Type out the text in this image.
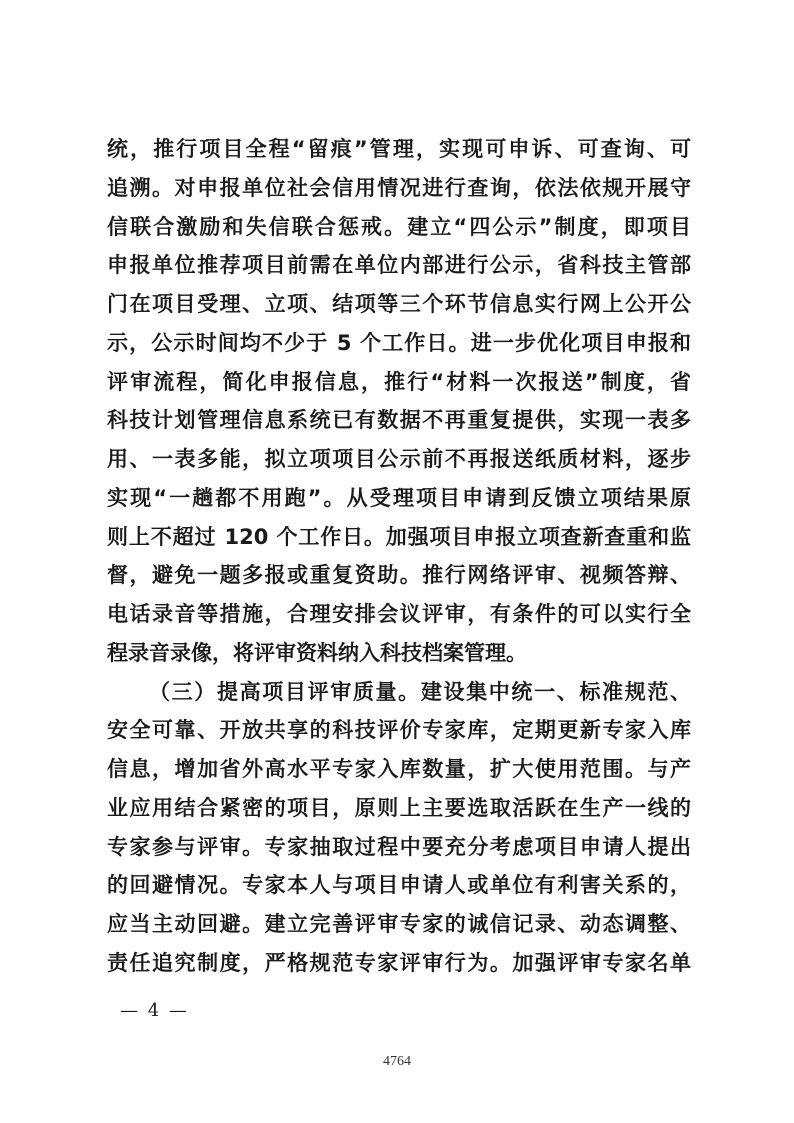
统，推行项目全程“留痕”管理，实现可申诉、可查询、可
追溯。对申报单位社会信用情况进行查询，依法依规开展守
信联合激励和失信联合惩戒。建立“四公示”制度，即项目
申报单位推荐项目前需在单位内部进行公示，省科技主管部
门在项目受理、立项、结项等三个环节信息实行网上公开公
示，公示时间均不少于 5 个工作日。进一步优化项目申报和
评审流程，简化申报信息，推行“材料一次报送”制度，省
科技计划管理信息系统已有数据不再重复提供，实现一表多
用、一表多能，拟立项项目公示前不再报送纸质材料，逐步
实现“一趟都不用跑”。从受理项目申请到反馈立项结果原
则上不超过 120 个工作日。加强项目申报立项查新查重和监
督，避免一题多报或重复资助。推行网络评审、视频答辩、
电话录音等措施，合理安排会议评审，有条件的可以实行全
程录音录像，将评审资料纳入科技档案管理。
（三）提高项目评审质量。建设集中统一、标准规范、
安全可靠、开放共享的科技评价专家库，定期更新专家入库
信息，增加省外高水平专家入库数量，扩大使用范围。与产
业应用结合紧密的项目，原则上主要选取活跃在生产一线的
专家参与评审。专家抽取过程中要充分考虑项目申请人提出
的回避情况。专家本人与项目申请人或单位有利害关系的，
应当主动回避。建立完善评审专家的诚信记录、动态调整、
责任追究制度，严格规范专家评审行为。加强评审专家名单
— 4 —
4764
